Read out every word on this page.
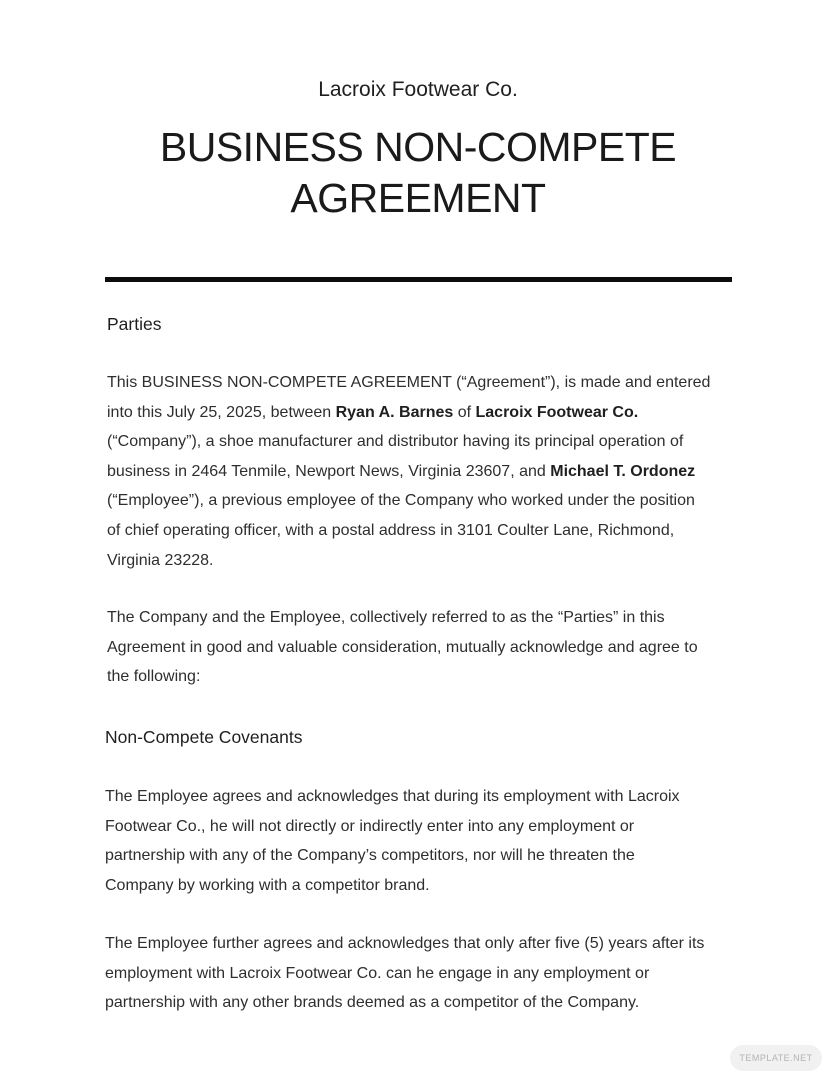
Lacroix Footwear Co.
BUSINESS NON-COMPETE
AGREEMENT
Parties

This BUSINESS NON-COMPETE AGREEMENT (“Agreement”), is made and entered
into this July 25, 2025, between Ryan A. Barnes of Lacroix Footwear Co.
(“Company”), a shoe manufacturer and distributor having its principal operation of
business in 2464 Tenmile, Newport News, Virginia 23607, and Michael T. Ordonez
(“Employee”), a previous employee of the Company who worked under the position
of chief operating officer, with a postal address in 3101 Coulter Lane, Richmond,
Virginia 23228.

The Company and the Employee, collectively referred to as the “Parties” in this
Agreement in good and valuable consideration, mutually acknowledge and agree to
the following:

Non-Compete Covenants

The Employee agrees and acknowledges that during its employment with Lacroix
Footwear Co., he will not directly or indirectly enter into any employment or
partnership with any of the Company’s competitors, nor will he threaten the
Company by working with a competitor brand.

The Employee further agrees and acknowledges that only after five (5) years after its
employment with Lacroix Footwear Co. can he engage in any employment or
partnership with any other brands deemed as a competitor of the Company.

TEMPLATE.NET
